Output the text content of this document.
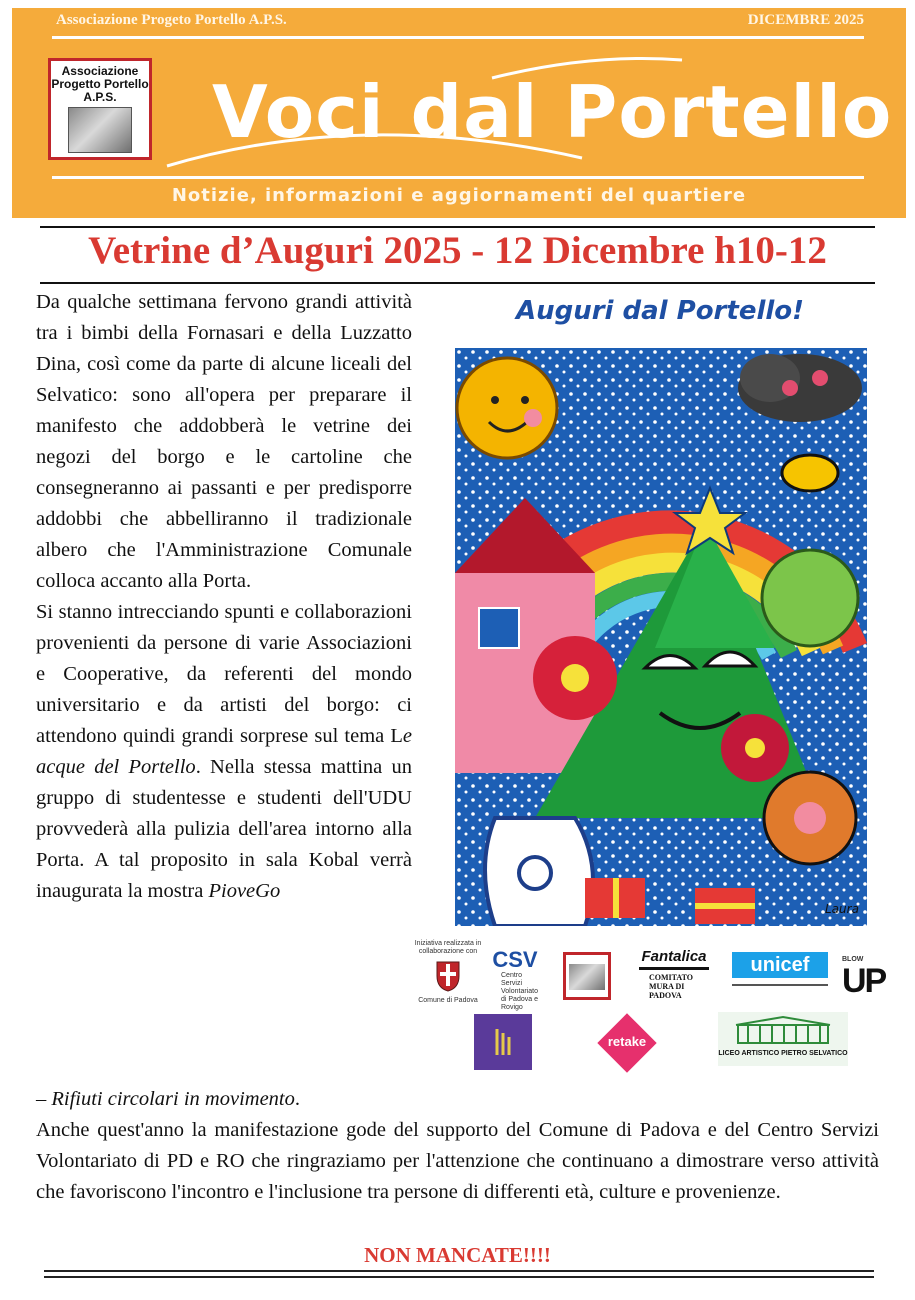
Associazione Progeto Portello A.P.S.	DICEMBRE 2025
Associazione Progetto Portello A.P.S.	Voci dal Portello
Notizie, informazioni e aggiornamenti del quartiere
Vetrine d’Auguri 2025 - 12 Dicembre h10-12

Da qualche settimana fervono grandi attività tra i bimbi della Fornasari e della Luzzatto Dina, così come da parte di alcune liceali del Selvatico: sono all'opera per preparare il manifesto che addobberà le vetrine dei negozi del borgo e le cartoline che consegneranno ai passanti e per predisporre addobbi che abbelliranno il tradizionale albero che l'Amministrazione Comunale colloca accanto alla Porta.

Si stanno intrecciando spunti e collaborazioni provenienti da persone di varie Associazioni e Cooperative, da referenti del mondo universitario e da artisti del borgo: ci attendono quindi grandi sorprese sul tema Le acque del Portello. Nella stessa mattina un gruppo di studentesse e studenti dell'UDU provvederà alla pulizia dell'area intorno alla Porta. A tal proposito in sala Kobal verrà inaugurata la mostra PioveGo

– Rifiuti circolari in movimento.
Auguri dal Portello!
Laura
Iniziativa realizzata in collaborazione con
Comune di Padova
CSV
Centro Servizi Volontariato di Padova e Rovigo
Fantalica
COMITATO MURA DI PADOVA
unicef	BLOW
UP
retake
LICEO ARTISTICO PIETRO SELVATICO

Anche quest'anno la manifestazione gode del supporto del Comune di Padova e del Centro Servizi Volontariato di PD e RO che ringraziamo per l'attenzione che continuano a dimostrare verso attività che favoriscono l'incontro e l'inclusione tra persone di differenti età, culture e provenienze.

NON MANCATE!!!!
